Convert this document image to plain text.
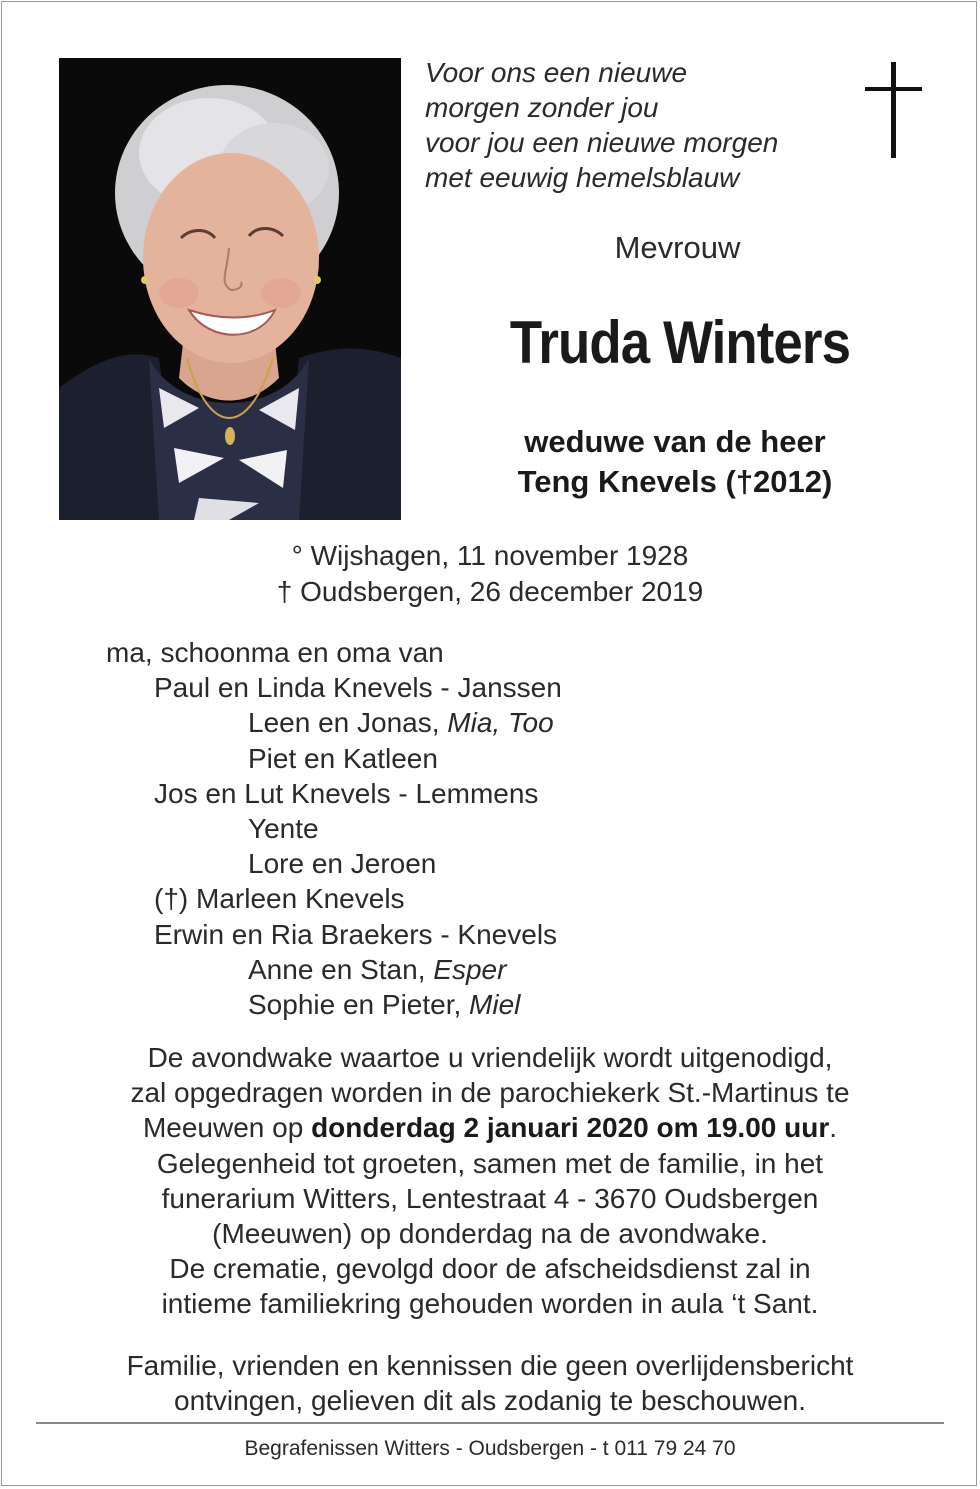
Voor ons een nieuwe
morgen zonder jou
voor jou een nieuwe morgen
met eeuwig hemelsblauw
Mevrouw
Truda Winters
weduwe van de heer
Teng Knevels (†2012)
° Wijshagen, 11 november 1928
† Oudsbergen, 26 december 2019
ma, schoonma en oma van
Paul en Linda Knevels - Janssen
Leen en Jonas, Mia, Too
Piet en Katleen
Jos en Lut Knevels - Lemmens
Yente
Lore en Jeroen
(†) Marleen Knevels
Erwin en Ria Braekers - Knevels
Anne en Stan, Esper
Sophie en Pieter, Miel
De avondwake waartoe u vriendelijk wordt uitgenodigd,
zal opgedragen worden in de parochiekerk St.-Martinus te
Meeuwen op donderdag 2 januari 2020 om 19.00 uur.
Gelegenheid tot groeten, samen met de familie, in het
funerarium Witters, Lentestraat 4 - 3670 Oudsbergen
(Meeuwen) op donderdag na de avondwake.
De crematie, gevolgd door de afscheidsdienst zal in
intieme familiekring gehouden worden in aula ‘t Sant.
Familie, vrienden en kennissen die geen overlijdensbericht
ontvingen, gelieven dit als zodanig te beschouwen.
Begrafenissen Witters - Oudsbergen - t 011 79 24 70
